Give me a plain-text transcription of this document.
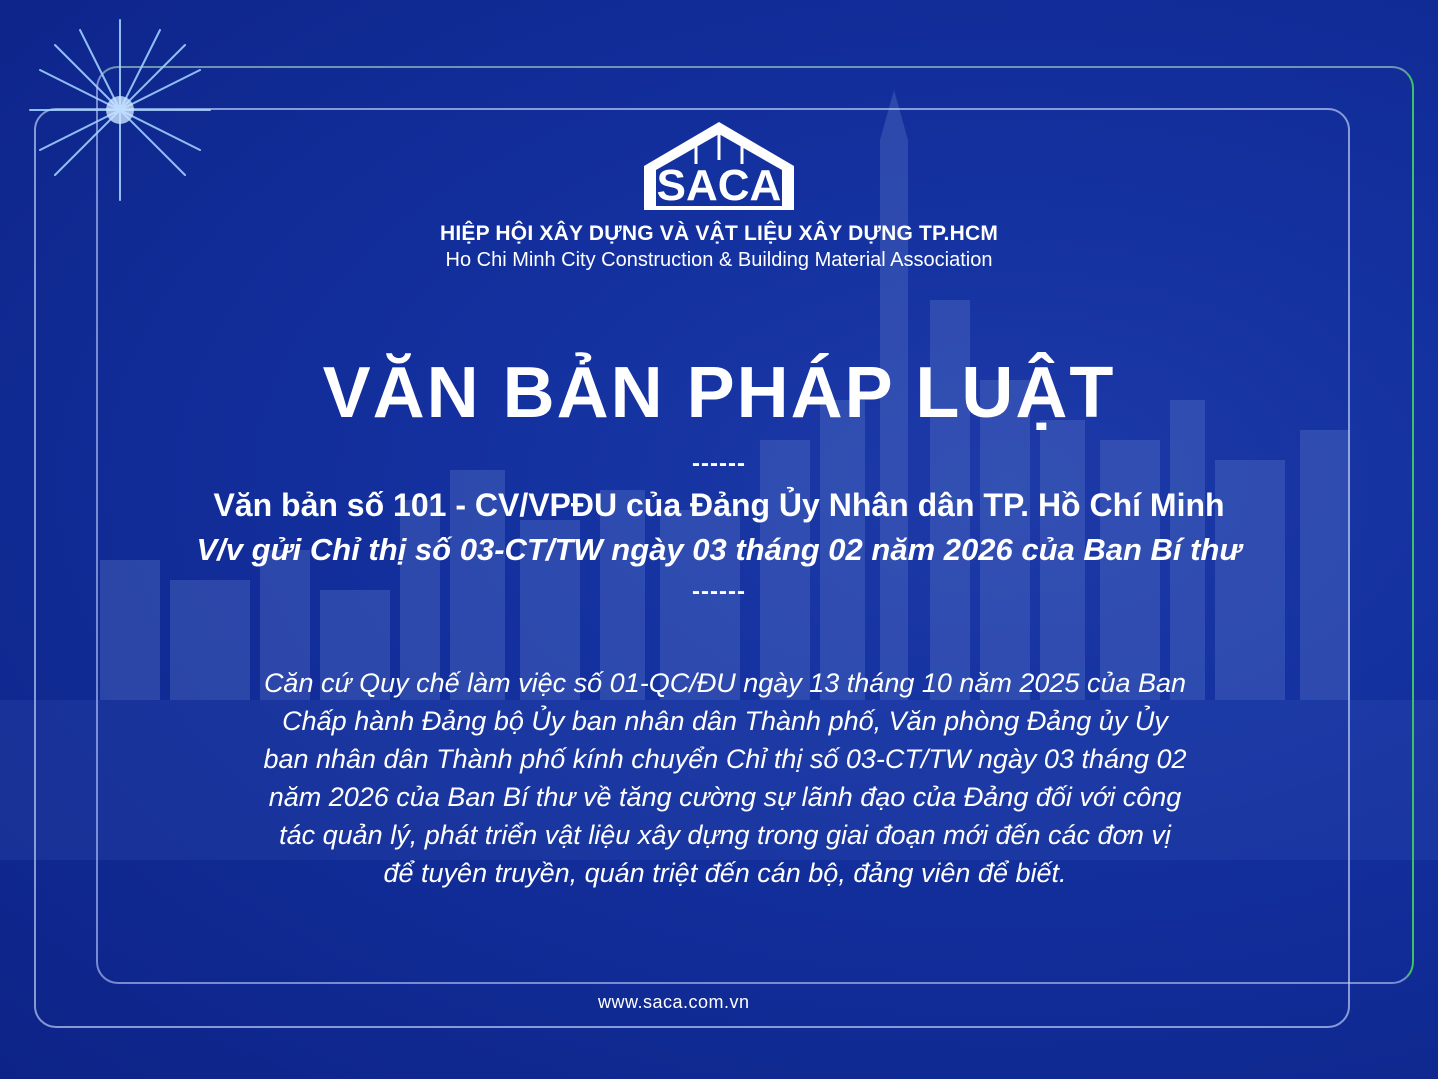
SACA
HIỆP HỘI XÂY DỰNG VÀ VẬT LIỆU XÂY DỰNG TP.HCM
Ho Chi Minh City Construction & Building Material Association
VĂN BẢN PHÁP LUẬT
------
Văn bản số 101 - CV/VPĐU của Đảng Ủy Nhân dân TP. Hồ Chí Minh
V/v gửi Chỉ thị số 03-CT/TW ngày 03 tháng 02 năm 2026 của Ban Bí thư
------
Căn cứ Quy chế làm việc số 01-QC/ĐU ngày 13 tháng 10 năm 2025 của Ban
Chấp hành Đảng bộ Ủy ban nhân dân Thành phố, Văn phòng Đảng ủy Ủy
ban nhân dân Thành phố kính chuyển Chỉ thị số 03-CT/TW ngày 03 tháng 02
năm 2026 của Ban Bí thư về tăng cường sự lãnh đạo của Đảng đối với công
tác quản lý, phát triển vật liệu xây dựng trong giai đoạn mới đến các đơn vị
để tuyên truyền, quán triệt đến cán bộ, đảng viên để biết.
www.saca.com.vn
